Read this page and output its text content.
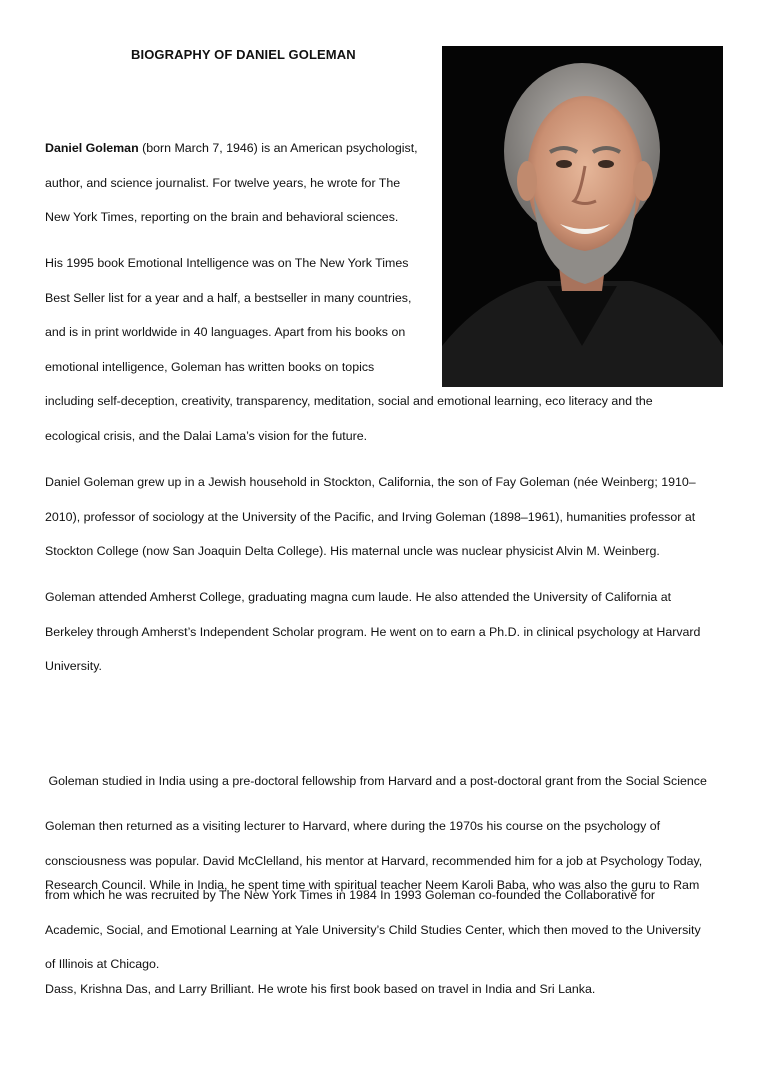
BIOGRAPHY OF DANIEL GOLEMAN
Daniel Goleman (born March 7, 1946) is an American psychologist,
author, and science journalist. For twelve years, he wrote for The
New York Times, reporting on the brain and behavioral sciences.
His 1995 book Emotional Intelligence was on The New York Times
Best Seller list for a year and a half, a bestseller in many countries,
and is in print worldwide in 40 languages. Apart from his books on
emotional intelligence, Goleman has written books on topics
including self-deception, creativity, transparency, meditation, social and emotional learning, eco literacy and the
ecological crisis, and the Dalai Lama’s vision for the future.
Daniel Goleman grew up in a Jewish household in Stockton, California, the son of Fay Goleman (née Weinberg; 1910–
2010), professor of sociology at the University of the Pacific, and Irving Goleman (1898–1961), humanities professor at
Stockton College (now San Joaquin Delta College). His maternal uncle was nuclear physicist Alvin M. Weinberg.
Goleman attended Amherst College, graduating magna cum laude. He also attended the University of California at
Berkeley through Amherst’s Independent Scholar program. He went on to earn a Ph.D. in clinical psychology at Harvard
University.

Goleman studied in India using a pre-doctoral fellowship from Harvard and a post-doctoral grant from the Social Science

Research Council. While in India, he spent time with spiritual teacher Neem Karoli Baba, who was also the guru to Ram

Dass, Krishna Das, and Larry Brilliant. He wrote his first book based on travel in India and Sri Lanka.

Goleman then returned as a visiting lecturer to Harvard, where during the 1970s his course on the psychology of
consciousness was popular. David McClelland, his mentor at Harvard, recommended him for a job at Psychology Today,
from which he was recruited by The New York Times in 1984 In 1993 Goleman co-founded the Collaborative for
Academic, Social, and Emotional Learning at Yale University’s Child Studies Center, which then moved to the University
of Illinois at Chicago.
